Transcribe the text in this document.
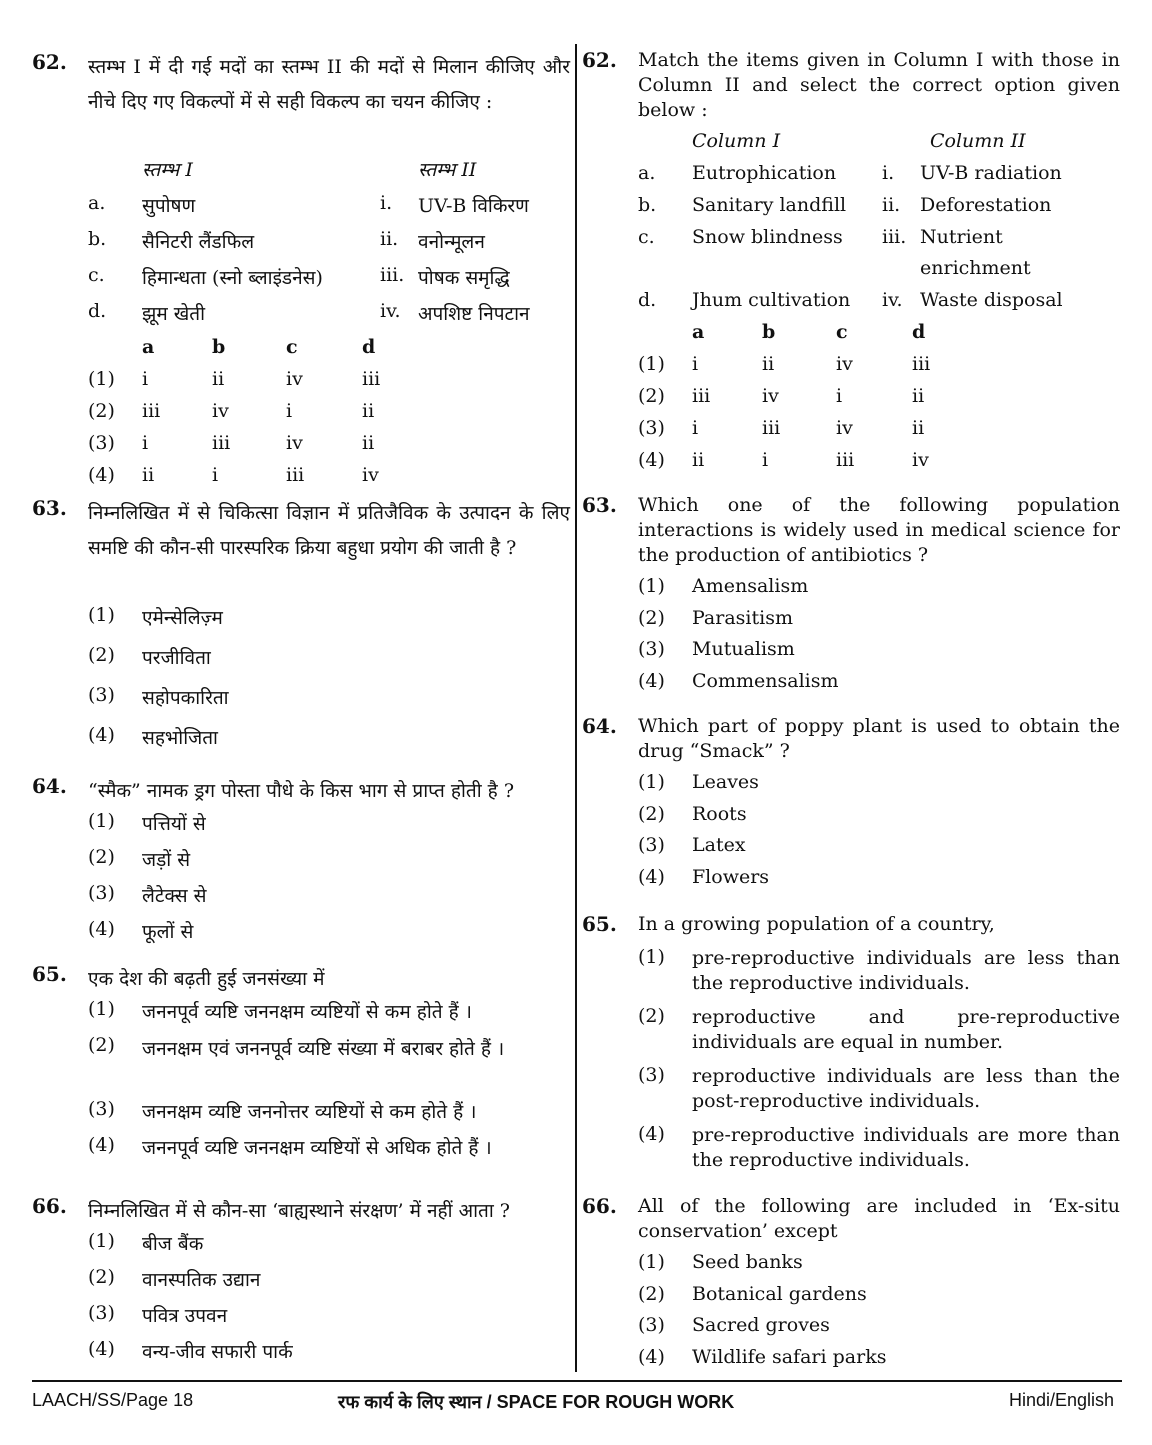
62. स्तम्भ I में दी गई मदों का स्तम्भ II की मदों से मिलान कीजिए और नीचे दिए गए विकल्पों में से सही विकल्प का चयन कीजिए :
स्तम्भ I	स्तम्भ II
a. सुपोषण	i. UV-B विकिरण
b. सैनिटरी लैंडफिल	ii. वनोन्मूलन
c. हिमान्धता (स्नो ब्लाइंडनेस)	iii. पोषक समृद्धि
d. झूम खेती	iv. अपशिष्ट निपटान
a	b	c	d
(1) i	ii	iv	iii
(2) iii	iv	i	ii
(3) i	iii	iv	ii
(4) ii	i	iii	iv
63. निम्नलिखित में से चिकित्सा विज्ञान में प्रतिजैविक के उत्पादन के लिए समष्टि की कौन-सी पारस्परिक क्रिया बहुधा प्रयोग की जाती है ?
(1)	एमेन्सेलिज़्म
(2)	परजीविता
(3)	सहोपकारिता
(4)	सहभोजिता
64. “स्मैक” नामक ड्रग पोस्ता पौधे के किस भाग से प्राप्त होती है ?
(1)	पत्तियों से
(2)	जड़ों से
(3)	लैटेक्स से
(4)	फूलों से
65. एक देश की बढ़ती हुई जनसंख्या में
(1)	जननपूर्व व्यष्टि जननक्षम व्यष्टियों से कम होते हैं ।
(2)	जननक्षम एवं जननपूर्व व्यष्टि संख्या में बराबर होते हैं ।
(3)	जननक्षम व्यष्टि जननोत्तर व्यष्टियों से कम होते हैं ।
(4)	जननपूर्व व्यष्टि जननक्षम व्यष्टियों से अधिक होते हैं ।
66. निम्नलिखित में से कौन-सा ‘बाह्यस्थाने संरक्षण’ में नहीं आता ?
(1)	बीज बैंक
(2)	वानस्पतिक उद्यान
(3)	पवित्र उपवन
(4)	वन्य-जीव सफारी पार्क
62. Match the items given in Column I with those in Column II and select the correct option given below :
Column I	Column II
a. Eutrophication i. UV-B radiation
b. Sanitary landfill ii. Deforestation
c. Snow blindness iii. Nutrient
enrichment
d. Jhum cultivation iv. Waste disposal
a	b	c	d
(1) i	ii	iv	iii
(2) iii	iv	i	ii
(3) i	iii	iv	ii
(4) ii	i	iii	iv
63. Which one of the following population interactions is widely used in medical science for the production of antibiotics ?
(1)	Amensalism
(2)	Parasitism
(3)	Mutualism
(4)	Commensalism
64. Which part of poppy plant is used to obtain the drug “Smack” ?
(1)	Leaves
(2)	Roots
(3)	Latex
(4)	Flowers
65. In a growing population of a country,
(1)	pre-reproductive individuals are less than the reproductive individuals.
(2)	reproductive and pre-reproductive individuals are equal in number.
(3)	reproductive individuals are less than the post-reproductive individuals.
(4)	pre-reproductive individuals are more than the reproductive individuals.
66. All of the following are included in ‘Ex-situ conservation’ except
(1)	Seed banks
(2)	Botanical gardens
(3)	Sacred groves
(4)	Wildlife safari parks
LAACH/SS/Page 18	रफ कार्य के लिए स्थान / SPACE FOR ROUGH WORK	Hindi/English
